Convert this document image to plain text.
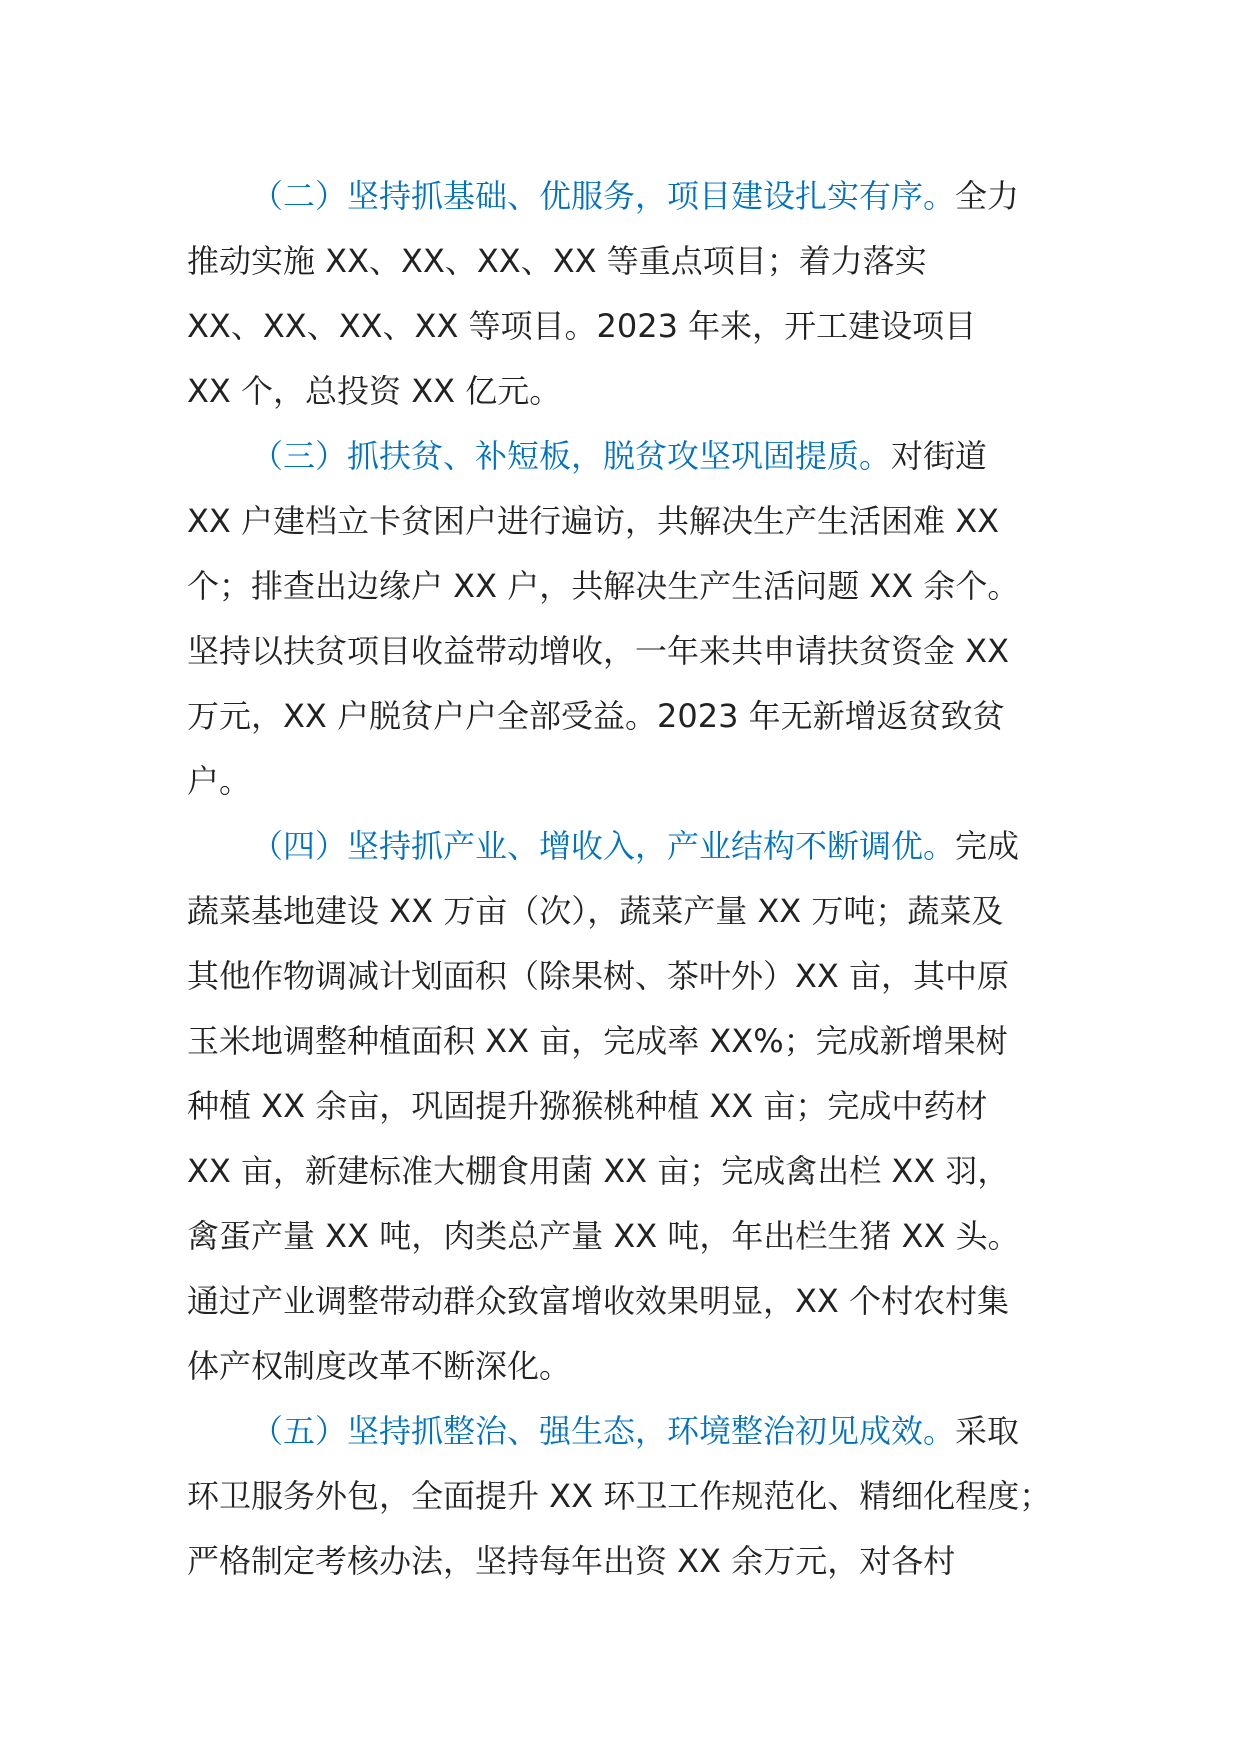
（二）坚持抓基础、优服务，项目建设扎实有序。全力
推动实施 XX、XX、XX、XX 等重点项目；着力落实
XX、XX、XX、XX 等项目。2023 年来，开工建设项目
XX 个，总投资 XX 亿元。
（三）抓扶贫、补短板，脱贫攻坚巩固提质。对街道
XX 户建档立卡贫困户进行遍访，共解决生产生活困难 XX
个；排查出边缘户 XX 户，共解决生产生活问题 XX 余个。
坚持以扶贫项目收益带动增收，一年来共申请扶贫资金 XX
万元，XX 户脱贫户户全部受益。2023 年无新增返贫致贫
户。
（四）坚持抓产业、增收入，产业结构不断调优。完成
蔬菜基地建设 XX 万亩（次），蔬菜产量 XX 万吨；蔬菜及
其他作物调减计划面积（除果树、茶叶外）XX 亩，其中原
玉米地调整种植面积 XX 亩，完成率 XX%；完成新增果树
种植 XX 余亩，巩固提升猕猴桃种植 XX 亩；完成中药材
XX 亩，新建标准大棚食用菌 XX 亩；完成禽出栏 XX 羽，
禽蛋产量 XX 吨，肉类总产量 XX 吨，年出栏生猪 XX 头。
通过产业调整带动群众致富增收效果明显，XX 个村农村集
体产权制度改革不断深化。
（五）坚持抓整治、强生态，环境整治初见成效。采取
环卫服务外包，全面提升 XX 环卫工作规范化、精细化程度；
严格制定考核办法，坚持每年出资 XX 余万元，对各村
